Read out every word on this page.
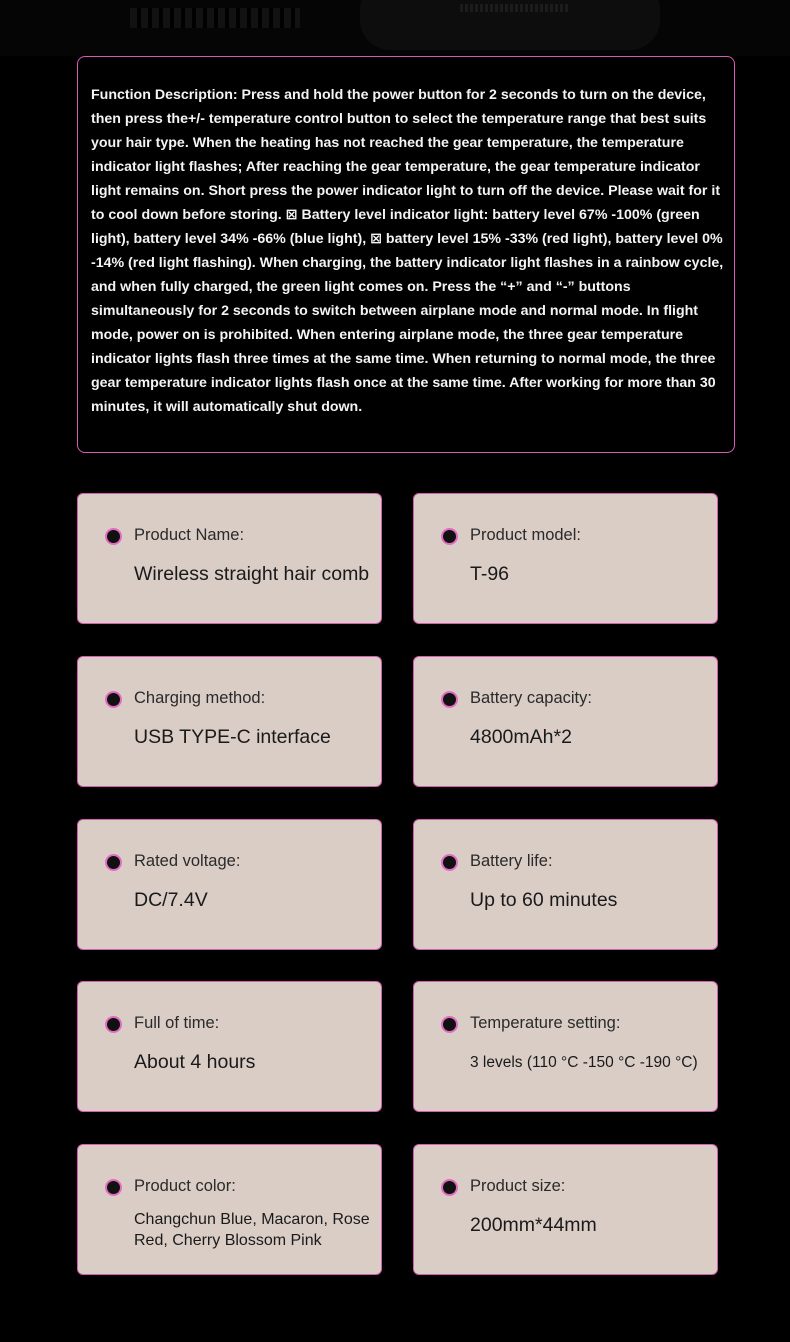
Function Description: Press and hold the power button for 2 seconds to turn on the device, then press the+/- temperature control button to select the temperature range that best suits your hair type. When the heating has not reached the gear temperature, the temperature indicator light flashes; After reaching the gear temperature, the gear temperature indicator light remains on. Short press the power indicator light to turn off the device. Please wait for it to cool down before storing. ⊠ Battery level indicator light: battery level 67% -100% (green light), battery level 34% -66% (blue light), ⊠ battery level 15% -33% (red light), battery level 0% -14% (red light flashing). When charging, the battery indicator light flashes in a rainbow cycle, and when fully charged, the green light comes on. Press the “+” and “-” buttons simultaneously for 2 seconds to switch between airplane mode and normal mode. In flight mode, power on is prohibited. When entering airplane mode, the three gear temperature indicator lights flash three times at the same time. When returning to normal mode, the three gear temperature indicator lights flash once at the same time. After working for more than 30 minutes, it will automatically shut down.

Product Name:
Wireless straight hair comb
Product model:
T-96
Charging method:
USB TYPE-C interface
Battery capacity:
4800mAh*2
Rated voltage:
DC/7.4V
Battery life:
Up to 60 minutes
Full of time:
About 4 hours
Temperature setting:
3 levels (110 °C -150 °C -190 °C)
Product color:
Changchun Blue, Macaron, Rose Red, Cherry Blossom Pink
Product size:
200mm*44mm
